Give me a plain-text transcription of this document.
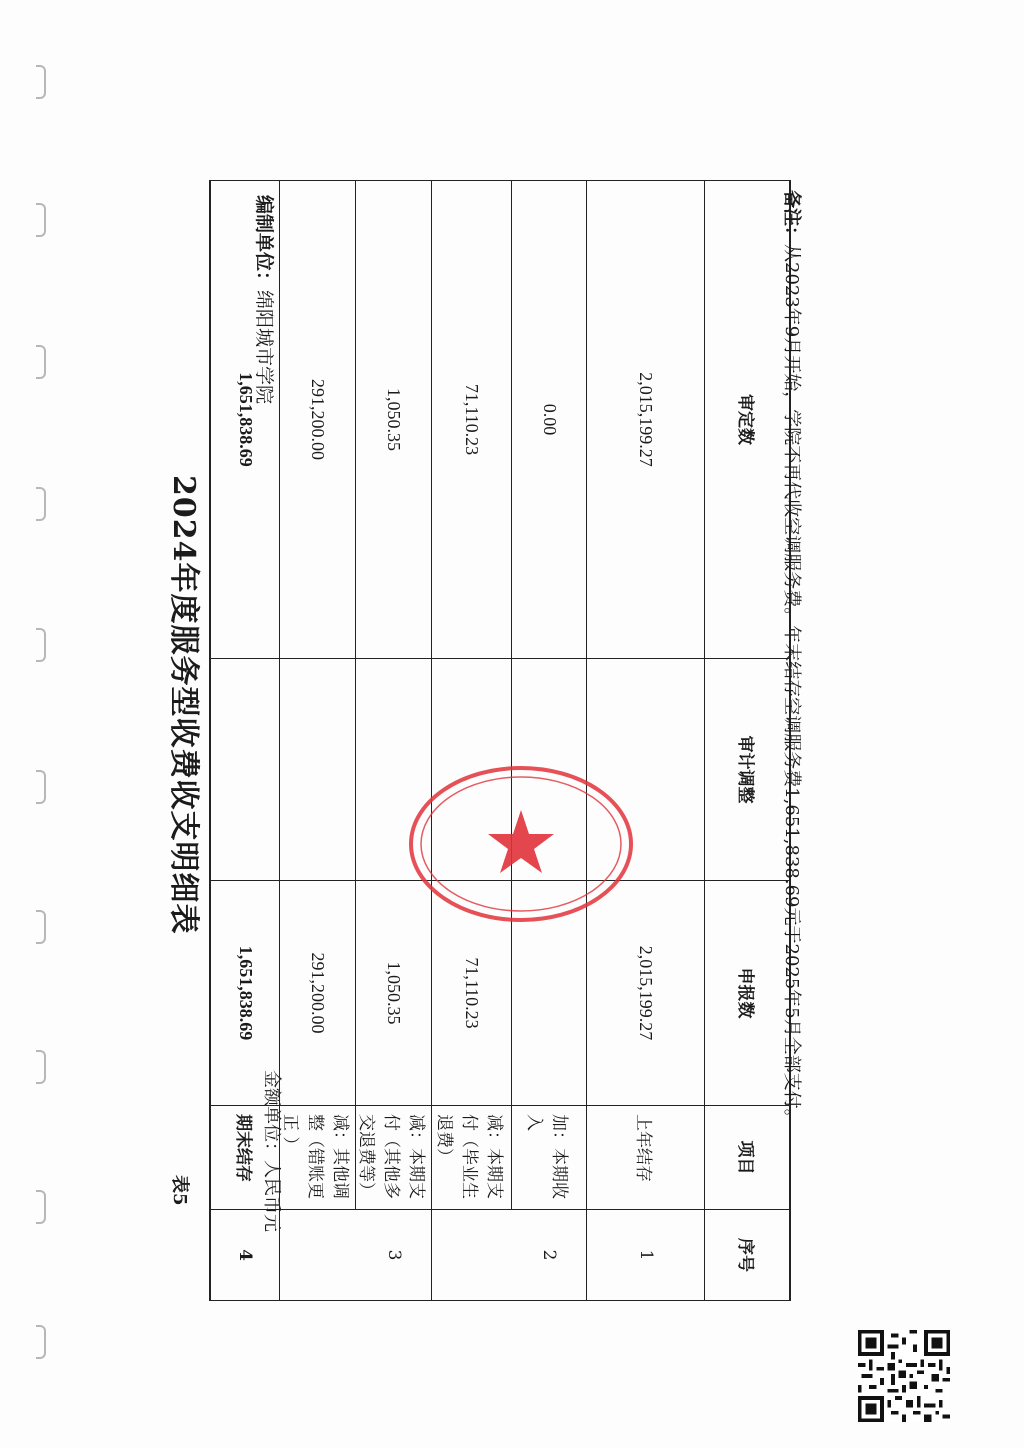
表5
2024年度服务型收费收支明细表
编制单位：绵阳城市学院
金额单位：人民币元
审定数	审计调整	申报数	项目	序号
2,015,199.27		2,015,199.27	上年结存	1
0.00			加：本期收入	2
71,110.23		71,110.23	减：本期支付（毕业生退费）	
1,050.35		1,050.35	减：本期支付（其他多交退费等）	3
291,200.00		291,200.00	减：其他调整（错账更正 ）	
1,651,838.69		1,651,838.69	期末结存	4
备注：从2023年9月开始，学院不再代收空调服务费。年末结存空调服务费1,651,838.69元于2025年5月全部支付。
